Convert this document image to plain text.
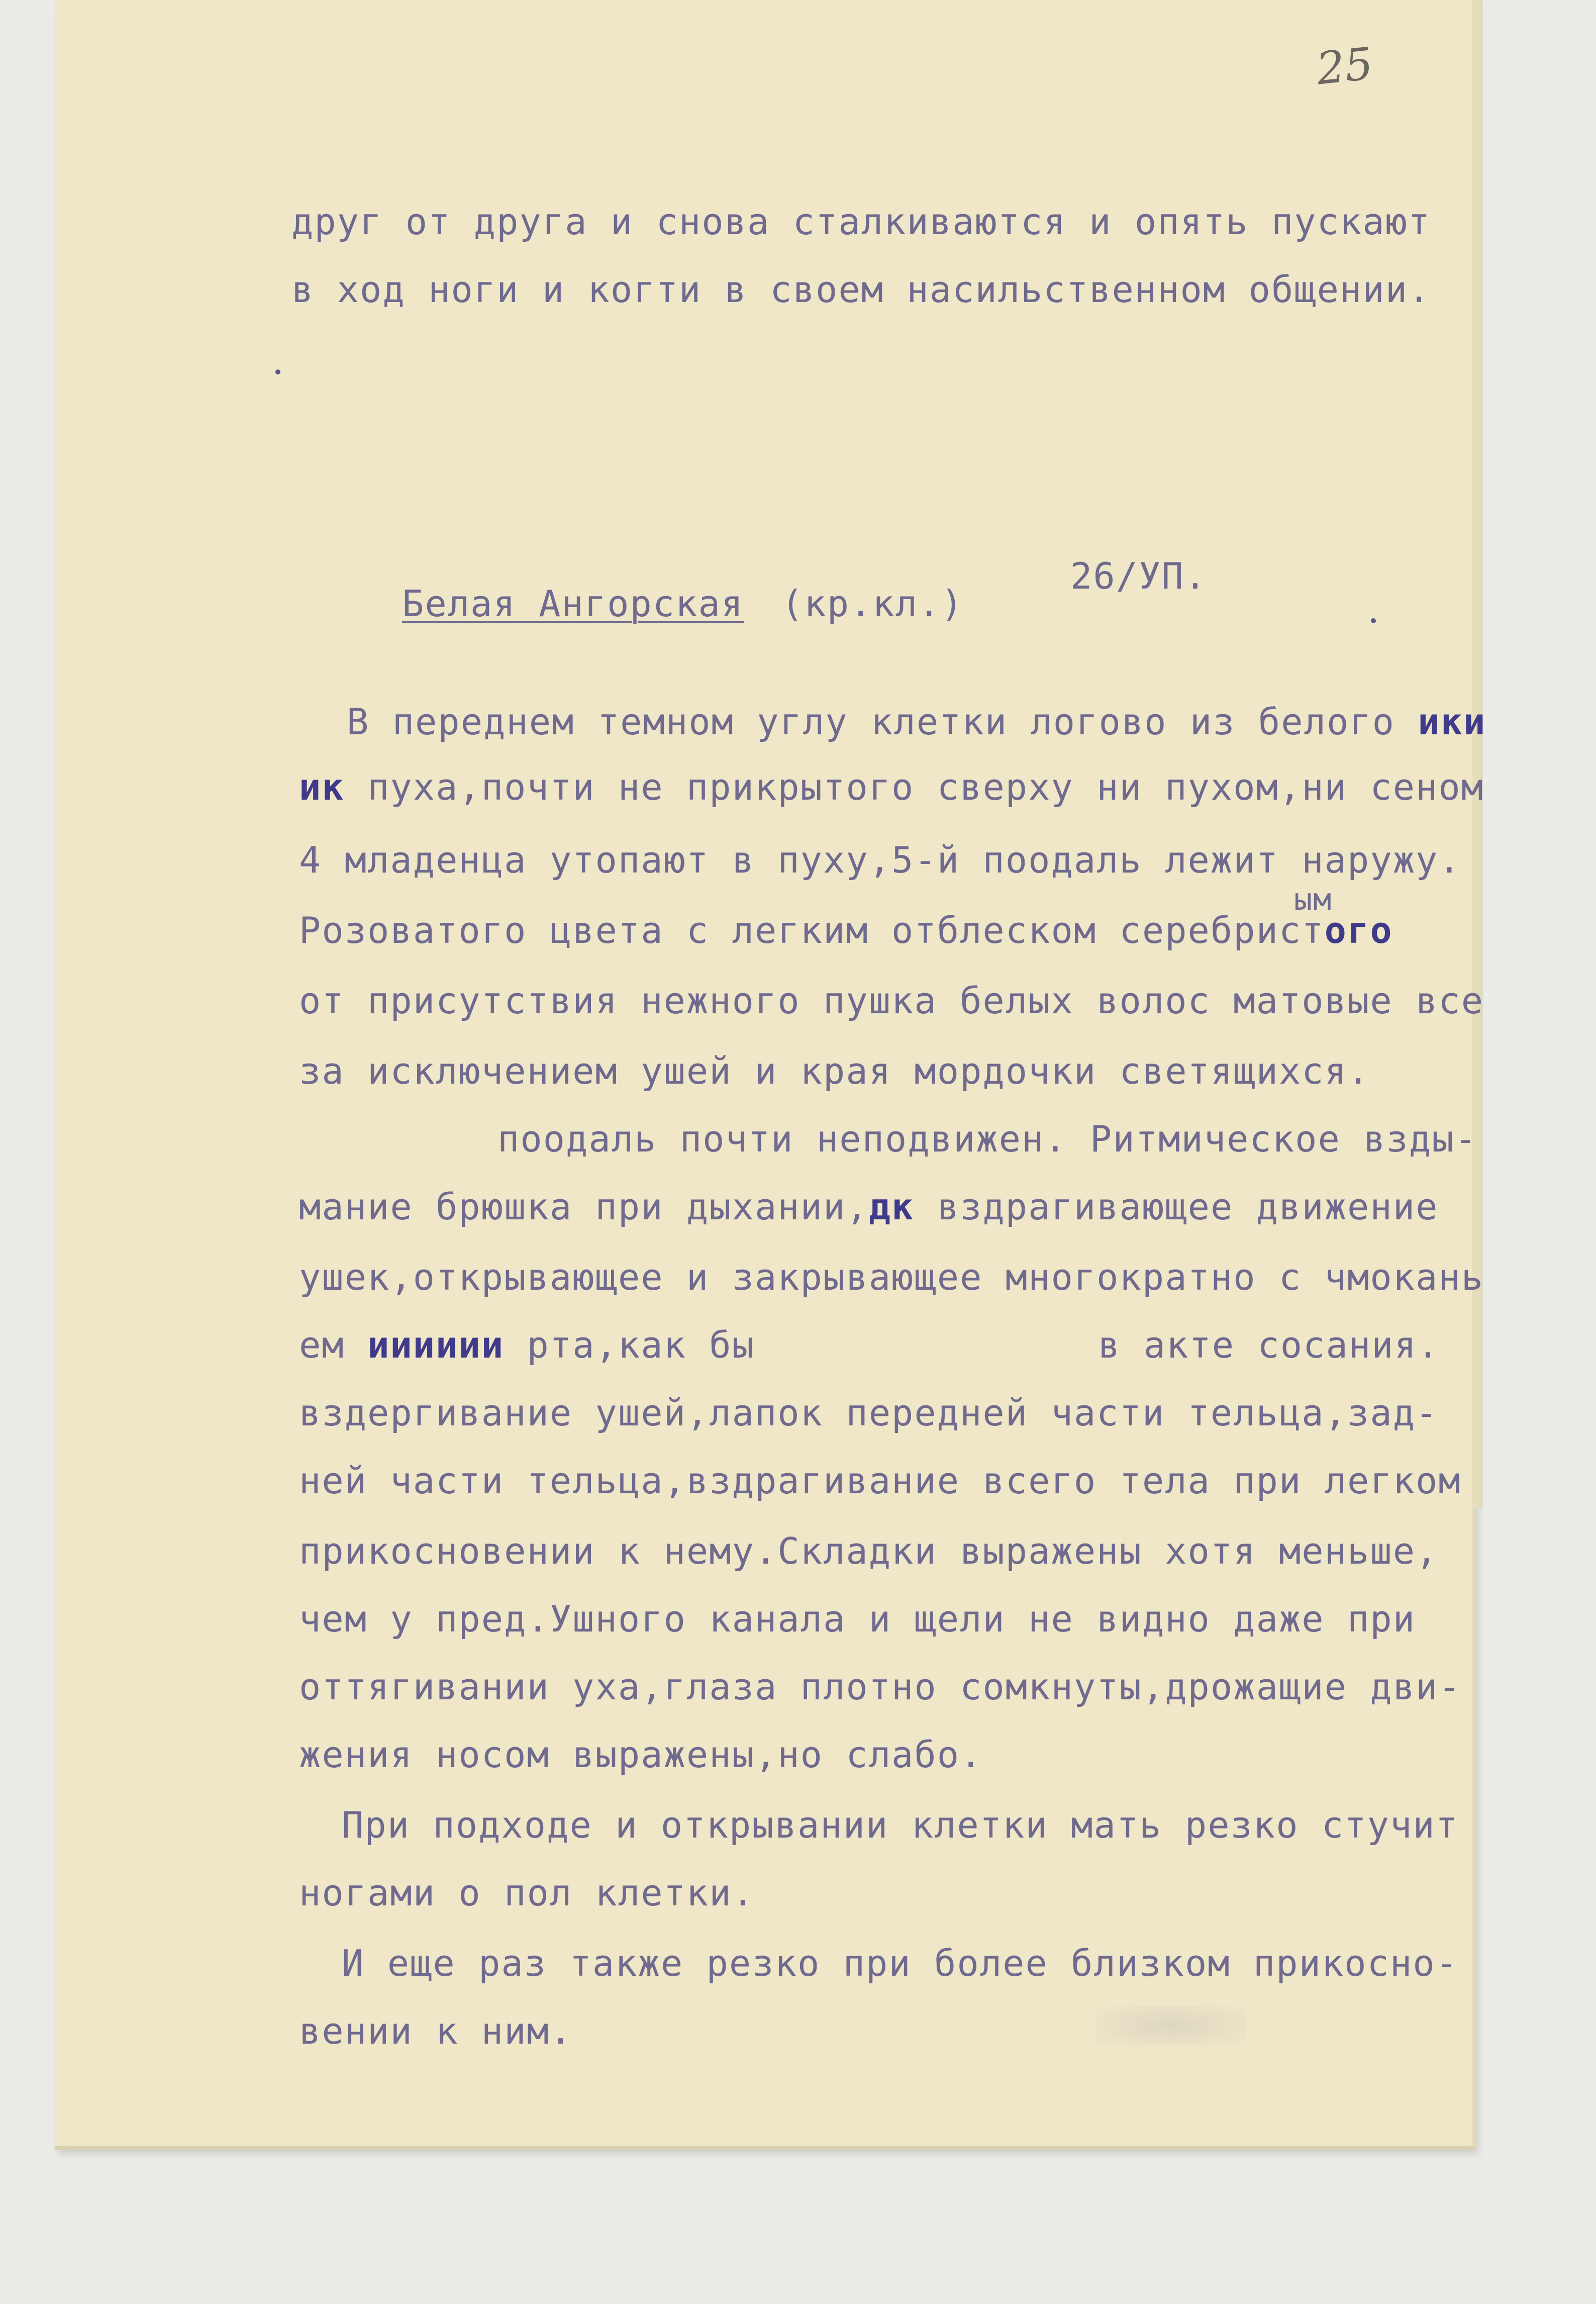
25
друг от друга и снова сталкиваются и опять пускают
в ход ноги и когти в своем насильственном общении.
Белая Ангорская (кр.кл.)
26/УП.
В переднем темном углу клетки логово из белого ики
ик пуха,почти не прикрытого сверху ни пухом,ни сеном
4 младенца утопают в пуху,5-й поодаль лежит наружу.
ым
Розоватого цвета с легким отблеском серебристого
от присутствия нежного пушка белых волос матовые все
за исключением ушей и края мордочки светящихся.
поодаль почти неподвижен. Ритмическое взды-
мание брюшка при дыхании,дк вздрагивающее движение
ушек,открывающее и закрывающее многократно с чмокань
ем ииииии рта,как бы	в акте сосания.
вздергивание ушей,лапок передней части тельца,зад-
ней части тельца,вздрагивание всего тела при легком
прикосновении к нему.Складки выражены хотя меньше,
чем у пред.Ушного канала и щели не видно даже при
оттягивании уха,глаза плотно сомкнуты,дрожащие дви-
жения носом выражены,но слабо.
При подходе и открывании клетки мать резко стучит
ногами о пол клетки.
И еще раз также резко при более близком прикосно-
вении к ним.
